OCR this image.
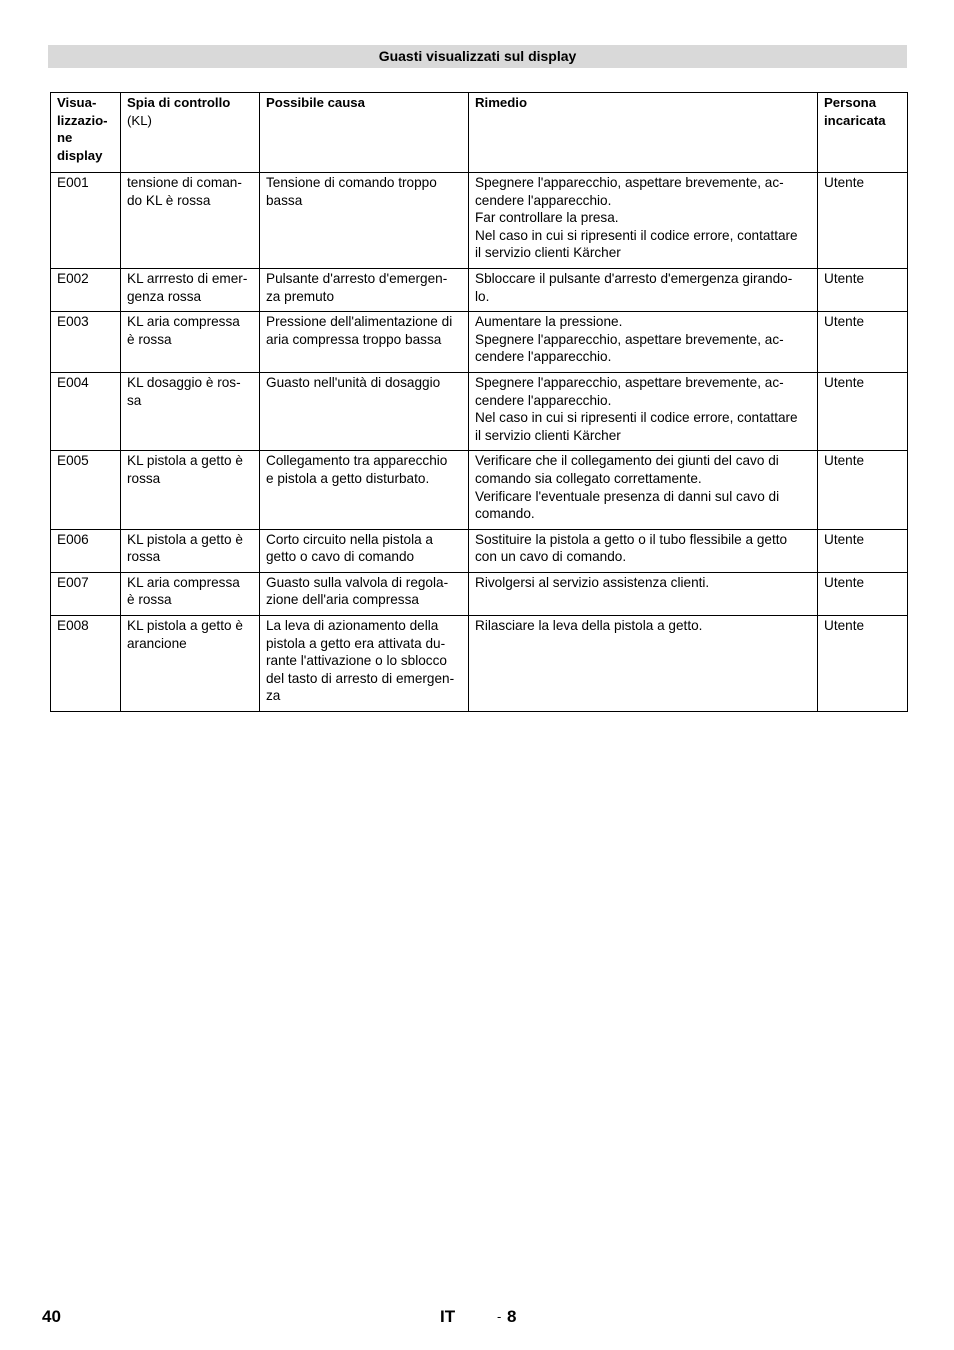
Guasti visualizzati sul display
Visua-
lizzazio-
ne
display	Spia di controllo
(KL)	Possibile causa	Rimedio	Persona
incaricata

E001	tensione di coman-
do KL è rossa	Tensione di comando troppo
bassa	Spegnere l'apparecchio, aspettare brevemente, ac-
cendere l'apparecchio.
Far controllare la presa.
Nel caso in cui si ripresenti il codice errore, contattare
il servizio clienti Kärcher	Utente
E002	KL arrresto di emer-
genza rossa	Pulsante d'arresto d'emergen-
za premuto	Sbloccare il pulsante d'arresto d'emergenza girando-
lo.	Utente
E003	KL aria compressa
è rossa	Pressione dell'alimentazione di
aria compressa troppo bassa	Aumentare la pressione.
Spegnere l'apparecchio, aspettare brevemente, ac-
cendere l'apparecchio.	Utente
E004	KL dosaggio è ros-
sa	Guasto nell'unità di dosaggio	Spegnere l'apparecchio, aspettare brevemente, ac-
cendere l'apparecchio.
Nel caso in cui si ripresenti il codice errore, contattare
il servizio clienti Kärcher	Utente
E005	KL pistola a getto è
rossa	Collegamento tra apparecchio
e pistola a getto disturbato.	Verificare che il collegamento dei giunti del cavo di
comando sia collegato correttamente.
Verificare l'eventuale presenza di danni sul cavo di
comando.	Utente
E006	KL pistola a getto è
rossa	Corto circuito nella pistola a
getto o cavo di comando	Sostituire la pistola a getto o il tubo flessibile a getto
con un cavo di comando.	Utente
E007	KL aria compressa
è rossa	Guasto sulla valvola di regola-
zione dell'aria compressa	Rivolgersi al servizio assistenza clienti.	Utente
E008	KL pistola a getto è
arancione	La leva di azionamento della
pistola a getto era attivata du-
rante l'attivazione o lo sblocco
del tasto di arresto di emergen-
za	Rilasciare la leva della pistola a getto.	Utente
40	IT	- 8
